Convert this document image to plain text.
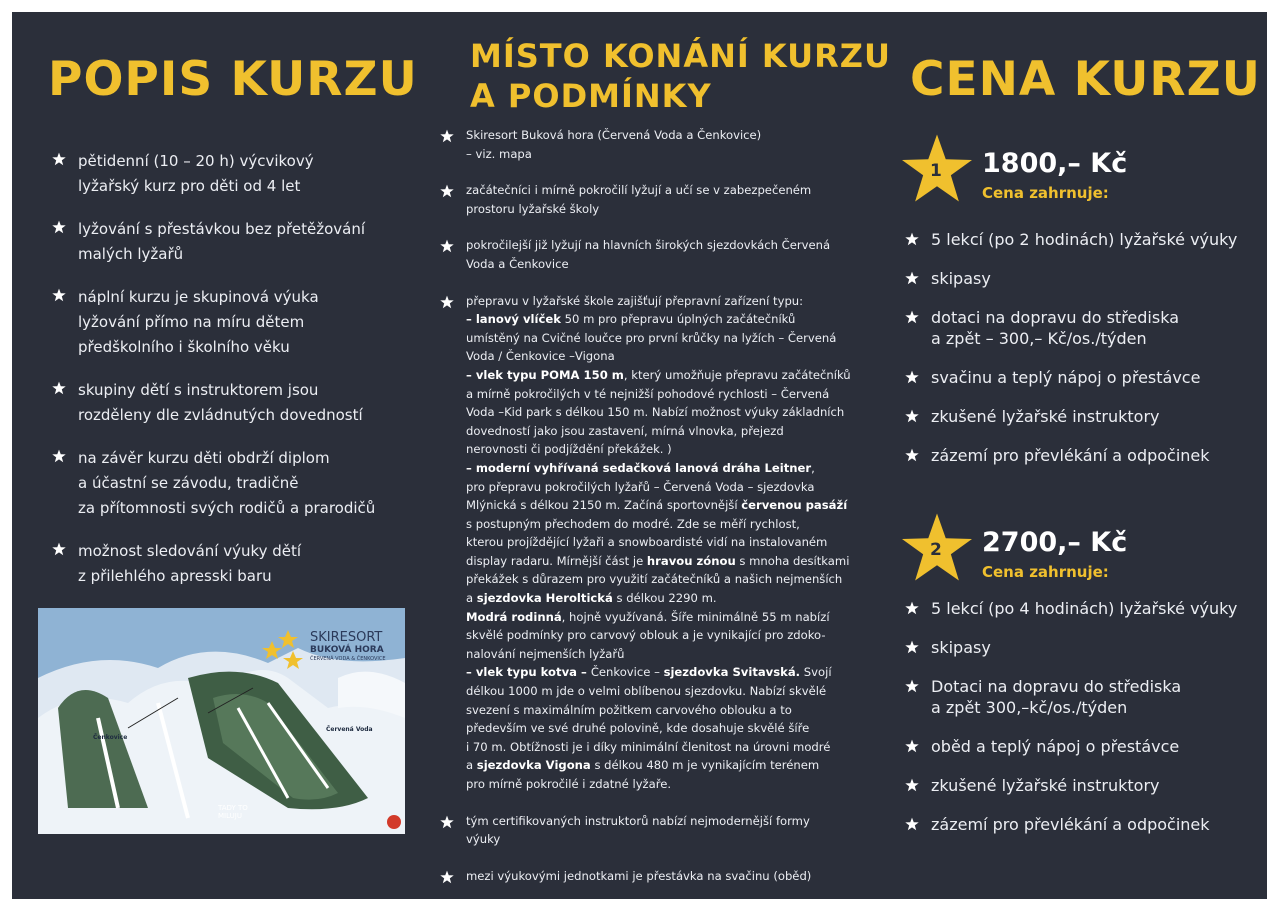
POPIS KURZU
pětidenní (10 – 20 h) výcvikový
lyžařský kurz pro děti od 4 let
lyžování s přestávkou bez přetěžování
malých lyžařů
náplní kurzu je skupinová výuka
lyžování přímo na míru dětem
předškolního i školního věku
skupiny dětí s instruktorem jsou
rozděleny dle zvládnutých dovedností
na závěr kurzu děti obdrží diplom
a účastní se závodu, tradičně
za přítomnosti svých rodičů a prarodičů
možnost sledování výuky dětí
z přilehlého apresski baru
SKIRESORT
BUKOVÁ HORA
ČERVENÁ VODA & ČENKOVICE
Červená Voda
Čenkovice
TADY TO MILUJU
MÍSTO KONÁNÍ KURZU
A PODMÍNKY
Skiresort Buková hora (Červená Voda a Čenkovice)
– viz. mapa
začátečníci i mírně pokročilí lyžují a učí se v zabezpečeném
prostoru lyžařské školy
pokročilejší již lyžují na hlavních širokých sjezdovkách Červená
Voda a Čenkovice
přepravu v lyžařské škole zajišťují přepravní zařízení typu:
– lanový vlíček 50 m pro přepravu úplných začátečníků
umístěný na Cvičné loučce pro první krůčky na lyžích – Červená
Voda / Čenkovice –Vigona
– vlek typu POMA 150 m, který umožňuje přepravu začátečníků
a mírně pokročilých v té nejnižší pohodové rychlosti – Červená
Voda –Kid park s délkou 150 m. Nabízí možnost výuky základních
dovedností jako jsou zastavení, mírná vlnovka, přejezd
nerovnosti či podjíždění překážek. )
– moderní vyhřívaná sedačková lanová dráha Leitner,
pro přepravu pokročilých lyžařů – Červená Voda – sjezdovka
Mlýnická s délkou 2150 m. Začíná sportovnější červenou pasáží
s postupným přechodem do modré. Zde se měří rychlost,
kterou projíždějící lyžaři a snowboardisté vidí na instalovaném
display radaru. Mírnější část je hravou zónou s mnoha desítkami
překážek s důrazem pro využití začátečníků a našich nejmenších
a sjezdovka Heroltická s délkou 2290 m.
Modrá rodinná, hojně využívaná. Šíře minimálně 55 m nabízí
skvělé podmínky pro carvový oblouk a je vynikající pro zdoko-
nalování nejmenších lyžařů
– vlek typu kotva – Čenkovice – sjezdovka Svitavská. Svojí
délkou 1000 m jde o velmi oblíbenou sjezdovku. Nabízí skvělé
svezení s maximálním požitkem carvového oblouku a to
především ve své druhé polovině, kde dosahuje skvělé šíře
i 70 m. Obtížnosti je i díky minimální členitost na úrovni modré
a sjezdovka Vigona s délkou 480 m je vynikajícím terénem
pro mírně pokročilé i zdatné lyžaře.
tým certifikovaných instruktorů nabízí nejmodernější formy
výuky
mezi výukovými jednotkami je přestávka na svačinu (oběd)
CENA KURZU
1 1800,– Kč
Cena zahrnuje:
5 lekcí (po 2 hodinách) lyžařské výuky
skipasy
dotaci na dopravu do střediska
a zpět – 300,– Kč/os./týden
svačinu a teplý nápoj o přestávce
zkušené lyžařské instruktory
zázemí pro převlékání a odpočinek
2 2700,– Kč
Cena zahrnuje:
5 lekcí (po 4 hodinách) lyžařské výuky
skipasy
Dotaci na dopravu do střediska
a zpět 300,–kč/os./týden
oběd a teplý nápoj o přestávce
zkušené lyžařské instruktory
zázemí pro převlékání a odpočinek
